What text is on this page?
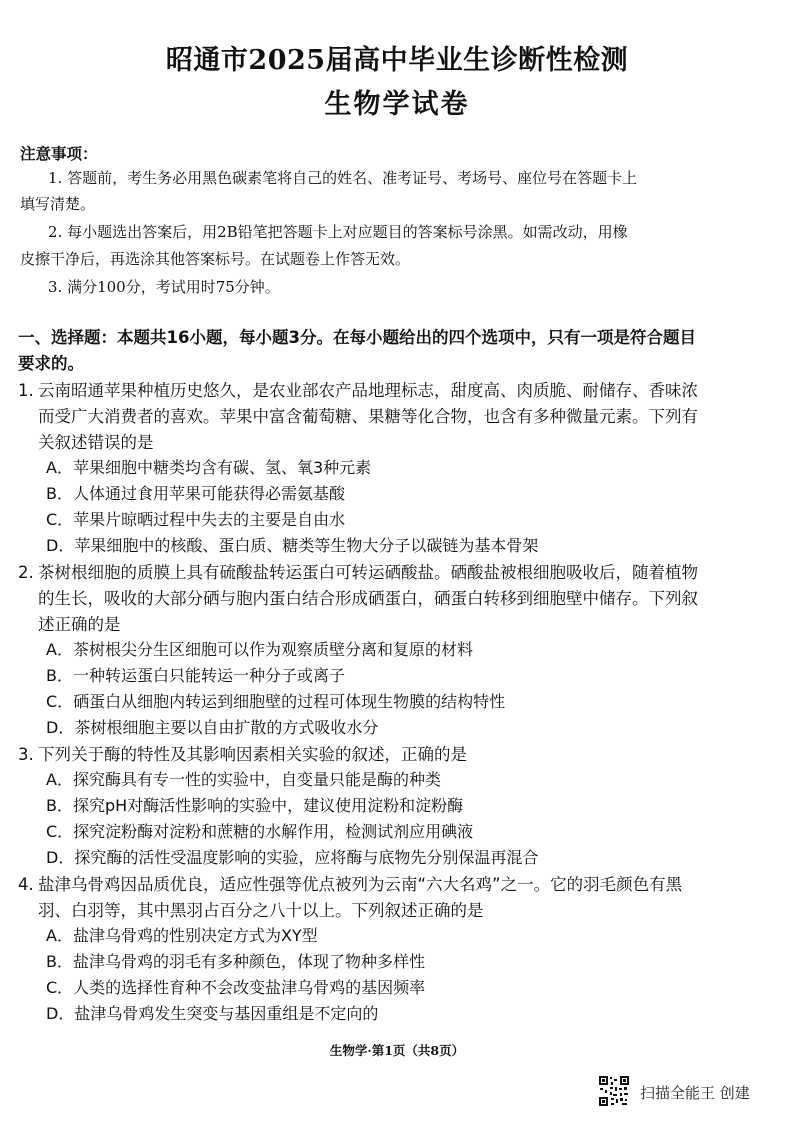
昭通市2025届高中毕业生诊断性检测
生物学试卷
注意事项：
1. 答题前，考生务必用黑色碳素笔将自己的姓名、准考证号、考场号、座位号在答题卡上
填写清楚。
2. 每小题选出答案后，用2B铅笔把答题卡上对应题目的答案标号涂黑。如需改动，用橡
皮擦干净后，再选涂其他答案标号。在试题卷上作答无效。
3. 满分100分，考试用时75分钟。
一、选择题：本题共16小题，每小题3分。在每小题给出的四个选项中，只有一项是符合题目
要求的。
1. 云南昭通苹果种植历史悠久，是农业部农产品地理标志，甜度高、肉质脆、耐储存、香味浓
而受广大消费者的喜欢。苹果中富含葡萄糖、果糖等化合物，也含有多种微量元素。下列有
关叙述错误的是
A．苹果细胞中糖类均含有碳、氢、氧3种元素
B．人体通过食用苹果可能获得必需氨基酸
C．苹果片晾晒过程中失去的主要是自由水
D．苹果细胞中的核酸、蛋白质、糖类等生物大分子以碳链为基本骨架
2. 茶树根细胞的质膜上具有硫酸盐转运蛋白可转运硒酸盐。硒酸盐被根细胞吸收后，随着植物
的生长，吸收的大部分硒与胞内蛋白结合形成硒蛋白，硒蛋白转移到细胞壁中储存。下列叙
述正确的是
A．茶树根尖分生区细胞可以作为观察质壁分离和复原的材料
B．一种转运蛋白只能转运一种分子或离子
C．硒蛋白从细胞内转运到细胞壁的过程可体现生物膜的结构特性
D．茶树根细胞主要以自由扩散的方式吸收水分
3. 下列关于酶的特性及其影响因素相关实验的叙述，正确的是
A．探究酶具有专一性的实验中，自变量只能是酶的种类
B．探究pH对酶活性影响的实验中，建议使用淀粉和淀粉酶
C．探究淀粉酶对淀粉和蔗糖的水解作用，检测试剂应用碘液
D．探究酶的活性受温度影响的实验，应将酶与底物先分别保温再混合
4. 盐津乌骨鸡因品质优良，适应性强等优点被列为云南“六大名鸡”之一。它的羽毛颜色有黑
羽、白羽等，其中黑羽占百分之八十以上。下列叙述正确的是
A．盐津乌骨鸡的性别决定方式为XY型
B．盐津乌骨鸡的羽毛有多种颜色，体现了物种多样性
C．人类的选择性育种不会改变盐津乌骨鸡的基因频率
D．盐津乌骨鸡发生突变与基因重组是不定向的
生物学·第1页（共8页）
扫描全能王 创建
